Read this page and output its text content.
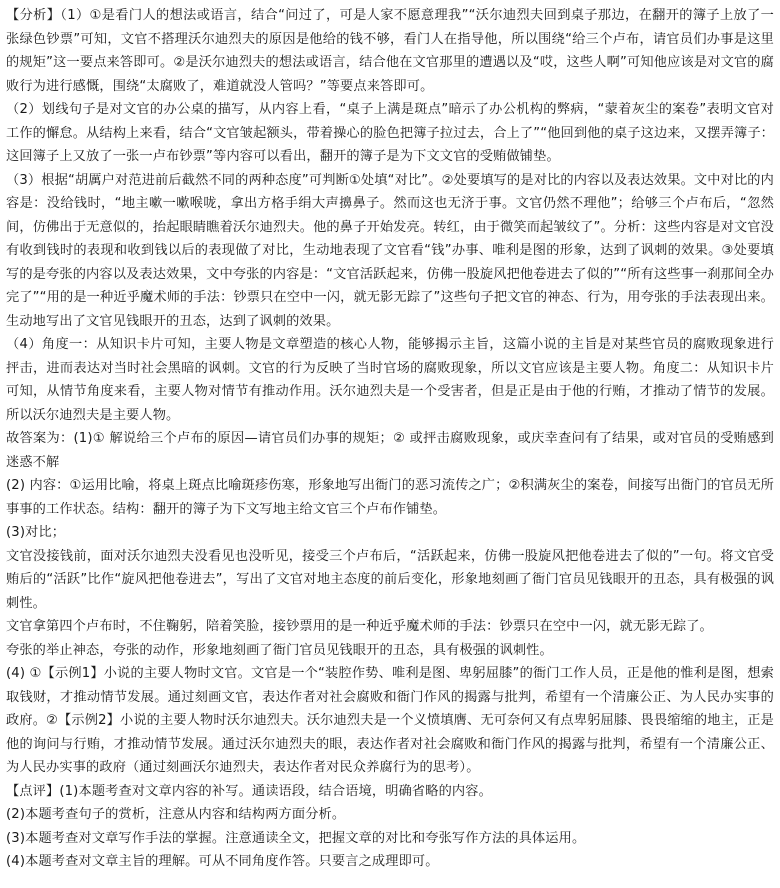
【分析】（1）①是看门人的想法或语言，结合“问过了，可是人家不愿意理我”“沃尔迪烈夫回到桌子那边，在翻开的簿子上放了一张绿色钞票”可知，文官不搭理沃尔迪烈夫的原因是他给的钱不够，看门人在指导他，所以围绕“给三个卢布，请官员们办事是这里的规矩”这一要点来答即可。②是沃尔迪烈夫的想法或语言，结合他在文官那里的遭遇以及“哎，这些人啊”可知他应该是对文官的腐败行为进行感慨，围绕“太腐败了，难道就没人管吗？”等要点来答即可。

（2）划线句子是对文官的办公桌的描写，从内容上看，“桌子上满是斑点”暗示了办公机构的弊病，“蒙着灰尘的案卷”表明文官对工作的懈怠。从结构上来看，结合“文官皱起额头，带着操心的脸色把簿子拉过去，合上了”“他回到他的桌子这边来，又摆弄簿子：这回簿子上又放了一张一卢布钞票”等内容可以看出，翻开的簿子是为下文文官的受贿做铺垫。

（3）根据“胡厲户对范进前后截然不同的两种态度”可判断①处填“对比”。②处要填写的是对比的内容以及表达效果。文中对比的内容是：没给钱时，“地主嗽一嗽喉咙，拿出方格手绢大声擤鼻子。然而这也无济于事。文官仍然不理他”；给够三个卢布后，“忽然间，仿佛出于无意似的，抬起眼睛瞧着沃尔迪烈夫。他的鼻子开始发亮。转红，由于微笑而起皱纹了”。分析：这些内容是对文官没有收到钱时的表现和收到钱以后的表现做了对比，生动地表现了文官看“钱”办事、唯利是图的形象，达到了讽刺的效果。③处要填写的是夸张的内容以及表达效果，文中夸张的内容是：“文官活跃起来，仿佛一股旋风把他卷进去了似的”“所有这些事一刹那间全办完了”“用的是一种近乎魔术师的手法：钞票只在空中一闪，就无影无踪了”这些句子把文官的神态、行为，用夸张的手法表现出来。生动地写出了文官见钱眼开的丑态，达到了讽刺的效果。

（4）角度一：从知识卡片可知，主要人物是文章塑造的核心人物，能够揭示主旨，这篇小说的主旨是对某些官员的腐败现象进行抨击，进而表达对当时社会黑暗的讽刺。文官的行为反映了当时官场的腐败现象，所以文官应该是主要人物。角度二：从知识卡片可知，从情节角度来看，主要人物对情节有推动作用。沃尔迪烈夫是一个受害者，但是正是由于他的行贿，才推动了情节的发展。所以沃尔迪烈夫是主要人物。

故答案为：(1)① 解说给三个卢布的原因—请官员们办事的规矩；② 或抨击腐败现象，或庆幸查问有了结果，或对官员的受贿感到迷惑不解

(2) 内容：①运用比喻，将桌上斑点比喻斑疹伤寒，形象地写出衙门的恶习流传之广；②积满灰尘的案卷，间接写出衙门的官员无所事事的工作状态。结构：翻开的簿子为下文写地主给文官三个卢布作铺垫。

(3)对比；

文官没接钱前，面对沃尔迪烈夫没看见也没听见，接受三个卢布后，“活跃起来，仿佛一股旋风把他卷进去了似的”一句。将文官受贿后的“活跃”比作“旋风把他卷进去”，写出了文官对地主态度的前后变化，形象地刻画了衙门官员见钱眼开的丑态，具有极强的讽刺性。

文官拿第四个卢布时，不住鞠躬，陪着笑脸，接钞票用的是一种近乎魔术师的手法：钞票只在空中一闪，就无影无踪了。

夸张的举止神态，夸张的动作，形象地刻画了衙门官员见钱眼开的丑态，具有极强的讽刺性。

(4) ①【示例1】小说的主要人物时文官。文官是一个“装腔作势、唯利是图、卑躬屈膝”的衙门工作人员，正是他的惟利是图，想索取钱财，才推动情节发展。通过刻画文官，表达作者对社会腐败和衙门作风的揭露与批判，希望有一个清廉公正、为人民办实事的政府。②【示例2】小说的主要人物时沃尔迪烈夫。沃尔迪烈夫是一个义愤填膺、无可奈何又有点卑躬屈膝、畏畏缩缩的地主，正是他的询问与行贿，才推动情节发展。通过沃尔迪烈夫的眼，表达作者对社会腐败和衙门作风的揭露与批判，希望有一个清廉公正、为人民办实事的政府（通过刻画沃尔迪烈夫，表达作者对民众养腐行为的思考）。

【点评】(1)本题考查对文章内容的补写。通读语段，结合语境，明确省略的内容。

(2)本题考查句子的赏析，注意从内容和结构两方面分析。

(3)本题考查对文章写作手法的掌握。注意通读全文，把握文章的对比和夸张写作方法的具体运用。

(4)本题考查对文章主旨的理解。可从不同角度作答。只要言之成理即可。
